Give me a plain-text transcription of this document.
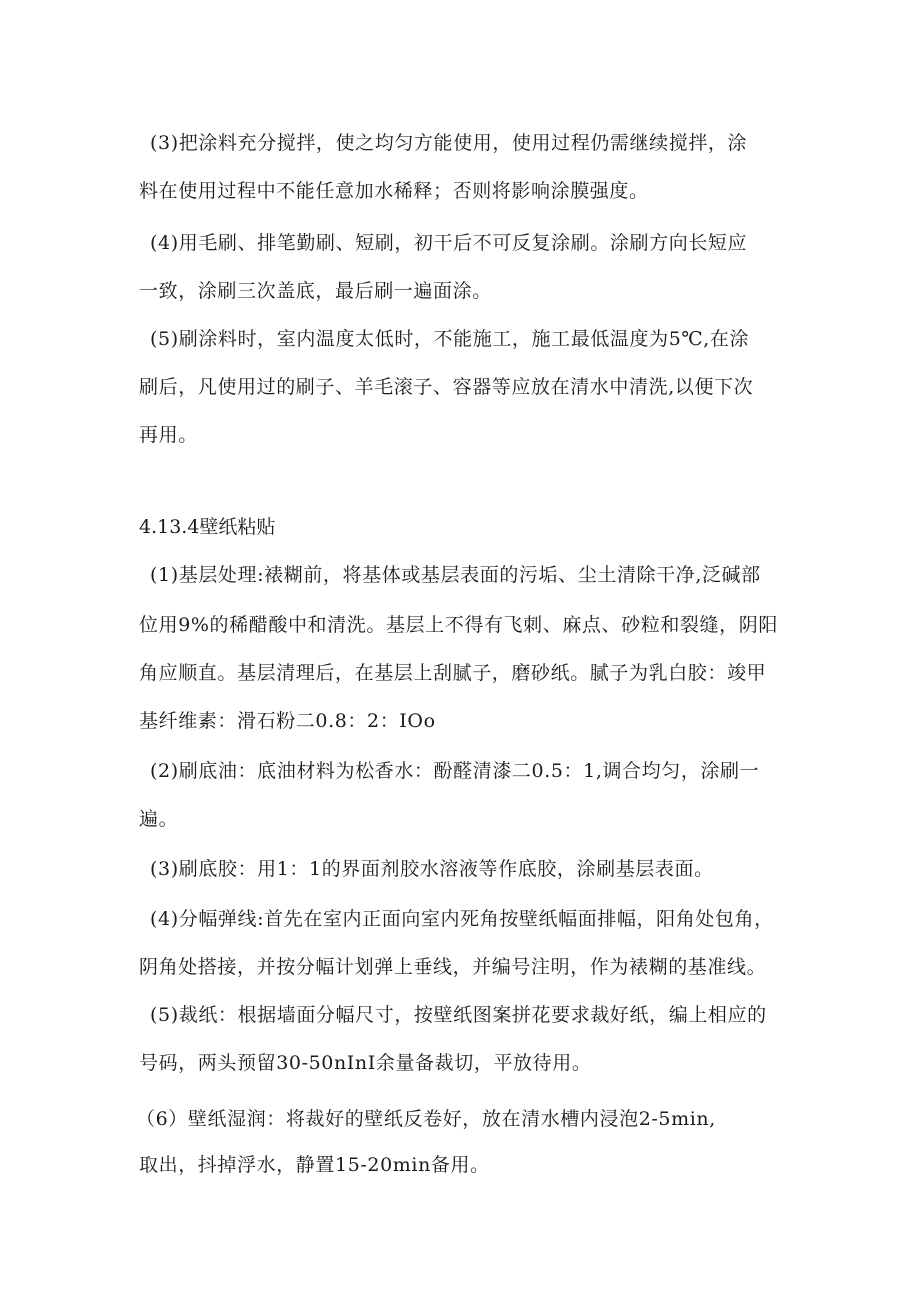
(3)把涂料充分搅拌，使之均匀方能使用，使用过程仍需继续搅拌，涂
料在使用过程中不能任意加水稀释；否则将影响涂膜强度。
(4)用毛刷、排笔勤刷、短刷，初干后不可反复涂刷。涂刷方向长短应
一致，涂刷三次盖底，最后刷一遍面涂。
(5)刷涂料时，室内温度太低时，不能施工，施工最低温度为5℃,在涂
刷后，凡使用过的刷子、羊毛滚子、容器等应放在清水中清洗,以便下次
再用。
4.13.4壁纸粘贴
(1)基层处理:裱糊前，将基体或基层表面的污垢、尘土清除干净,泛碱部
位用9%的稀醋酸中和清洗。基层上不得有飞刺、麻点、砂粒和裂缝，阴阳
角应顺直。基层清理后，在基层上刮腻子，磨砂纸。腻子为乳白胶：竣甲
基纤维素：滑石粉二0.8：2：IOo
(2)刷底油：底油材料为松香水：酚醛清漆二0.5：1,调合均匀，涂刷一
遍。
(3)刷底胶：用1：1的界面剂胶水溶液等作底胶，涂刷基层表面。
(4)分幅弹线:首先在室内正面向室内死角按壁纸幅面排幅，阳角处包角，
阴角处搭接，并按分幅计划弹上垂线，并编号注明，作为裱糊的基准线。
(5)裁纸：根据墙面分幅尺寸，按壁纸图案拼花要求裁好纸，编上相应的
号码，两头预留30-50nInI余量备裁切，平放待用。
（6）壁纸湿润：将裁好的壁纸反卷好，放在清水槽内浸泡2-5min,
取出，抖掉浮水，静置15-20min备用。
